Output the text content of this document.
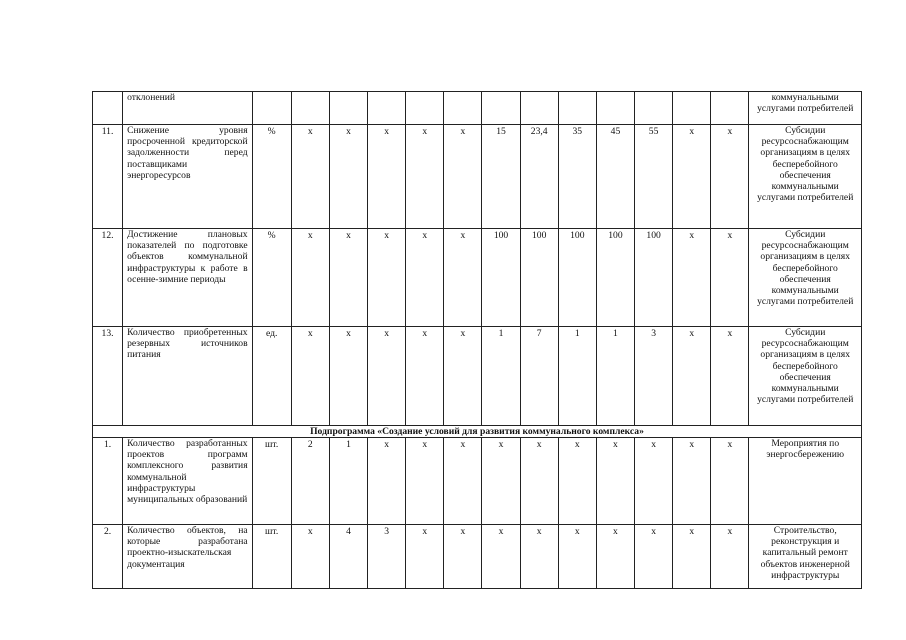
	отклонений														коммунальными услугами потребителей
11.	Снижение уровня просроченной кредиторской задолженности перед поставщиками энергоресурсов	%	x	x	x	x	x	15	23,4	35	45	55	x	x	Субсидии ресурсоснабжающим организациям в целях бесперебойного обеспечения коммунальными услугами потребителей
12.	Достижение плановых показателей по подготовке объектов коммунальной инфраструктуры к работе в осенне-зимние периоды	%	x	x	x	x	x	100	100	100	100	100	x	x	Субсидии ресурсоснабжающим организациям в целях бесперебойного обеспечения коммунальными услугами потребителей
13.	Количество приобретенных резервных источников питания	ед.	x	x	x	x	x	1	7	1	1	3	x	x	Субсидии ресурсоснабжающим организациям в целях бесперебойного обеспечения коммунальными услугами потребителей
Подпрограмма «Создание условий для развития коммунального комплекса»															
1.	Количество разработанных проектов программ комплексного развития коммунальной инфраструктуры муниципальных образований	шт.	2	1	x	x	x	x	x	x	x	x	x	x	Мероприятия по энергосбережению
2.	Количество объектов, на которые разработана проектно-изыскательская документация	шт.	x	4	3	x	x	x	x	x	x	x	x	x	Строительство, реконструкция и капитальный ремонт объектов инженерной инфраструктуры
